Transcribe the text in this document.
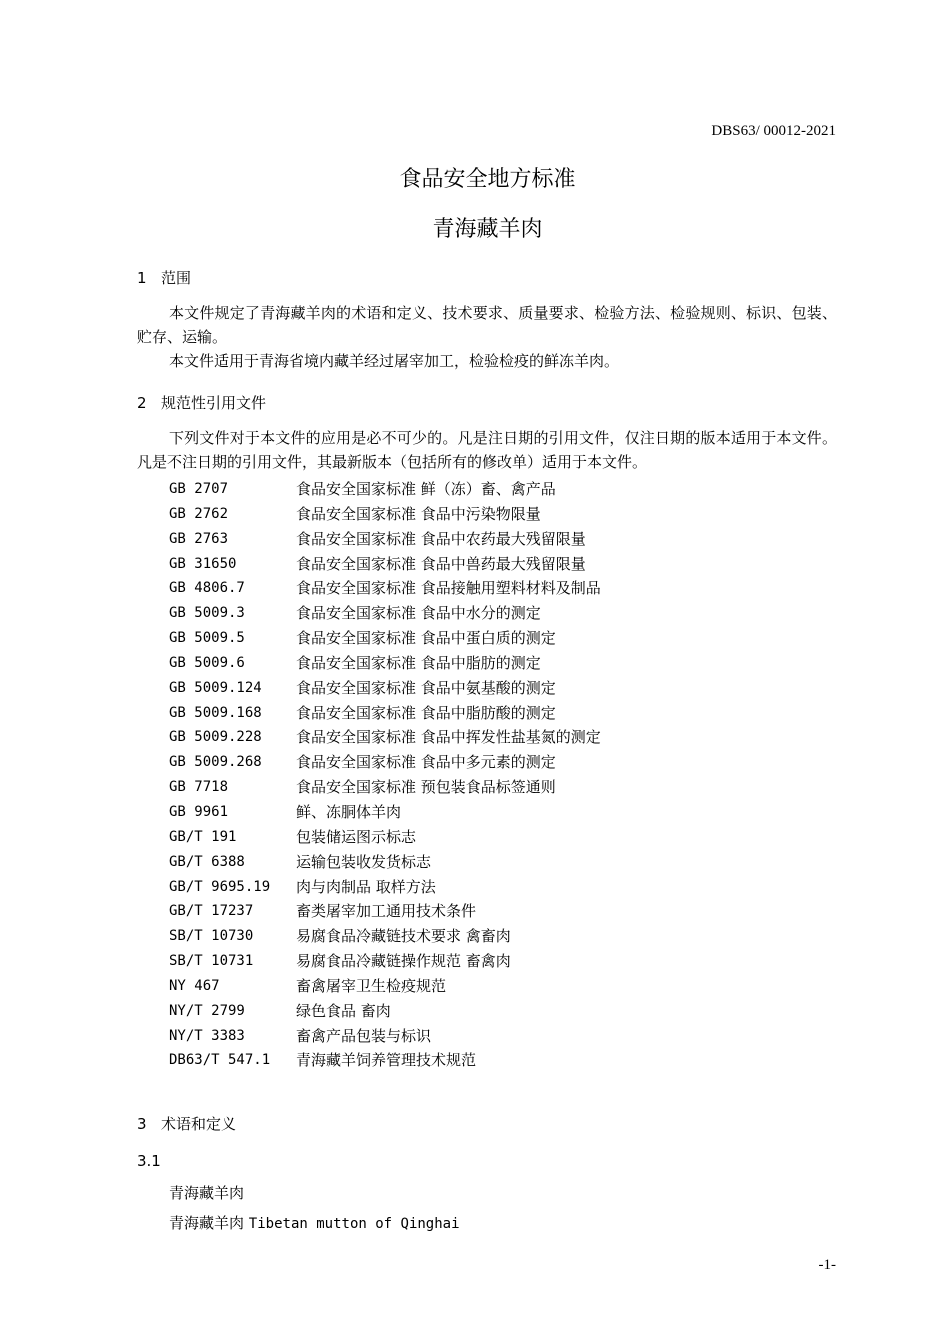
DBS63/ 00012-2021
食品安全地方标准
青海藏羊肉
1 范围
本文件规定了青海藏羊肉的术语和定义、技术要求、质量要求、检验方法、检验规则、标识、包装、贮存、运输。
本文件适用于青海省境内藏羊经过屠宰加工，检验检疫的鲜冻羊肉。
2 规范性引用文件
下列文件对于本文件的应用是必不可少的。凡是注日期的引用文件，仅注日期的版本适用于本文件。凡是不注日期的引用文件，其最新版本（包括所有的修改单）适用于本文件。
GB 2707	食品安全国家标准 鲜（冻）畜、禽产品
GB 2762	食品安全国家标准 食品中污染物限量
GB 2763	食品安全国家标准 食品中农药最大残留限量
GB 31650	食品安全国家标准 食品中兽药最大残留限量
GB 4806.7	食品安全国家标准 食品接触用塑料材料及制品
GB 5009.3	食品安全国家标准 食品中水分的测定
GB 5009.5	食品安全国家标准 食品中蛋白质的测定
GB 5009.6	食品安全国家标准 食品中脂肪的测定
GB 5009.124	食品安全国家标准 食品中氨基酸的测定
GB 5009.168	食品安全国家标准 食品中脂肪酸的测定
GB 5009.228	食品安全国家标准 食品中挥发性盐基氮的测定
GB 5009.268	食品安全国家标准 食品中多元素的测定
GB 7718	食品安全国家标准 预包装食品标签通则
GB 9961	鲜、冻胴体羊肉
GB/T 191	包装储运图示标志
GB/T 6388	运输包装收发货标志
GB/T 9695.19	肉与肉制品 取样方法
GB/T 17237	畜类屠宰加工通用技术条件
SB/T 10730	易腐食品冷藏链技术要求 禽畜肉
SB/T 10731	易腐食品冷藏链操作规范 畜禽肉
NY 467	畜禽屠宰卫生检疫规范
NY/T 2799	绿色食品 畜肉
NY/T 3383	畜禽产品包装与标识
DB63/T 547.1	青海藏羊饲养管理技术规范
3 术语和定义
3.1
青海藏羊肉
青海藏羊肉 Tibetan mutton of Qinghai
-1-
